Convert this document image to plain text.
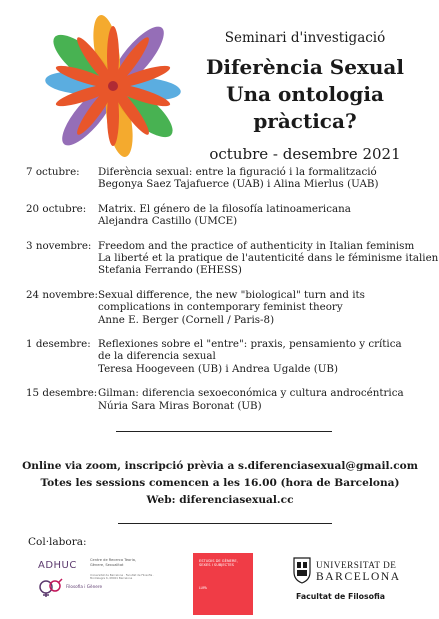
Seminari d'investigació
Diferència Sexual
Una ontologia pràctica?
octubre - desembre 2021
7 octubre: Diferència sexual: entre la figuració i la formalització
Begonya Saez Tajafuerce (UAB) i Alina Mierlus (UAB)
20 octubre: Matrix. El género de la filosofía latinoamericana
Alejandra Castillo (UMCE)
3 novembre: Freedom and the practice of authenticity in Italian feminism
La liberté et la pratique de l'autenticité dans le féminisme italien
Stefania Ferrando (EHESS)
24 novembre: Sexual difference, the new "biological" turn and its
complications in contemporary feminist theory
Anne E. Berger (Cornell / Paris-8)
1 desembre: Reflexiones sobre el "entre": praxis, pensamiento y crítica
de la diferencia sexual
Teresa Hoogeveen (UB) i Andrea Ugalde (UB)
15 desembre: Gilman: diferencia sexoeconómica y cultura androcéntrica
Núria Sara Miras Boronat (UB)
Online via zoom, inscripció prèvia a s.diferenciasexual@gmail.com
Totes les sessions comencen a les 16.00 (hora de Barcelona)
Web: diferenciasexual.cc
Col·labora:
ADHUC	Centre de Recerca Teoria, Gènere, Sexualitat
Universitat de Barcelona · Facultat de Filosofia · Montalegre 6, 08001 Barcelona
Filosofia i Gènere
ESTUDIS DE GÈNERE, SEXES I SUBJECTES
LUPA
UNIVERSITAT DE
BARCELONA
Facultat de Filosofia
